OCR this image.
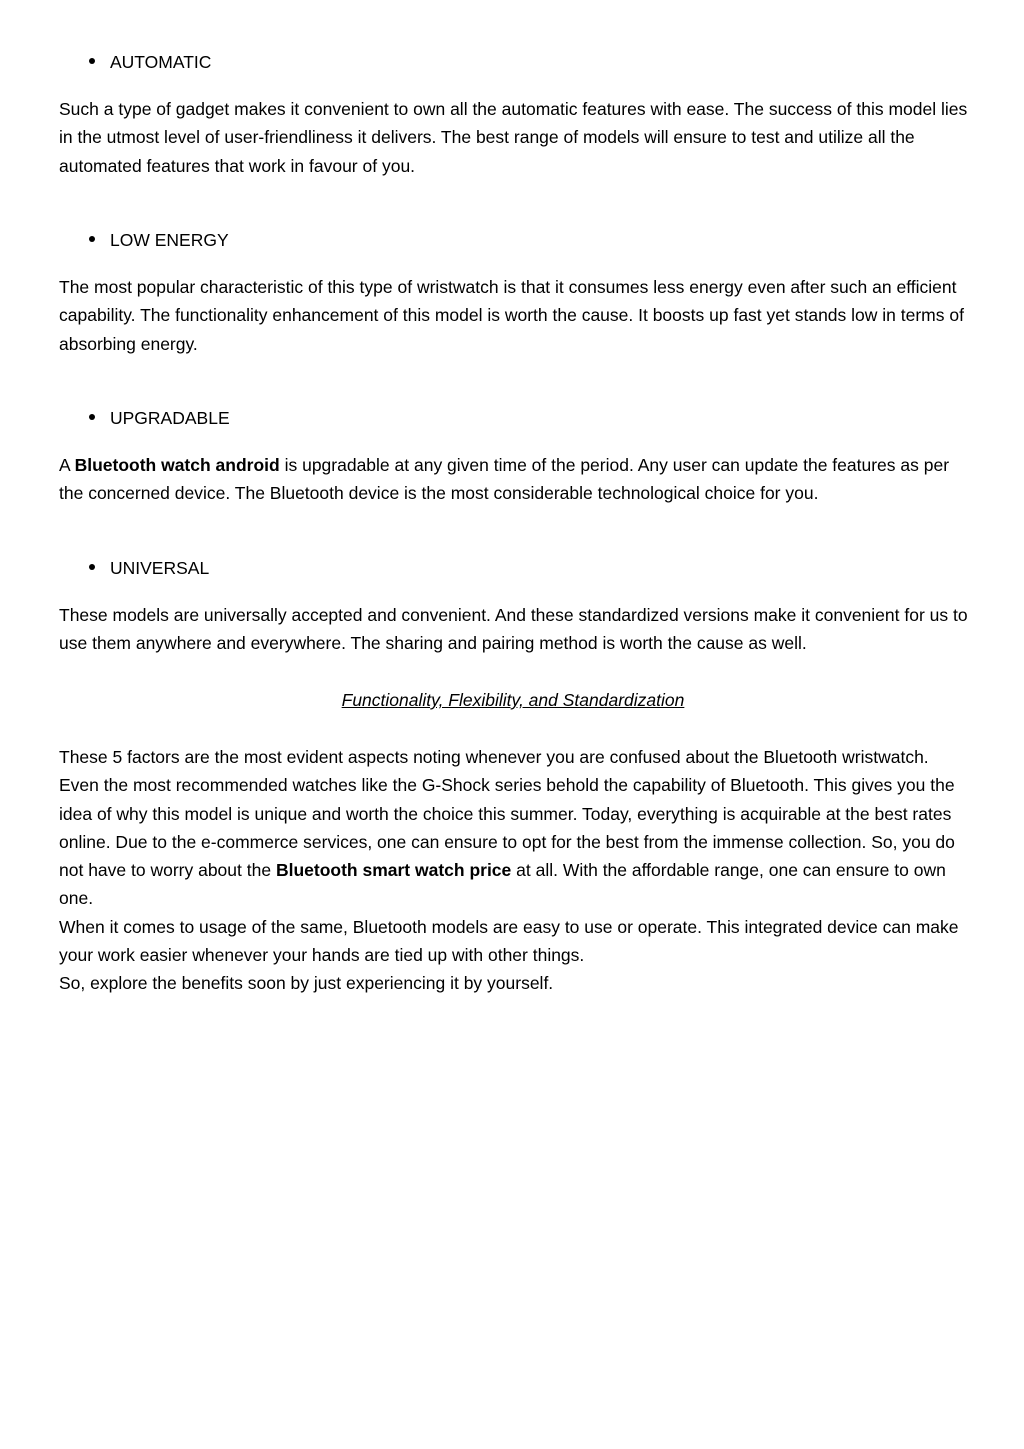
AUTOMATIC

Such a type of gadget makes it convenient to own all the automatic features with ease. The success of this model lies in the utmost level of user-friendliness it delivers. The best range of models will ensure to test and utilize all the automated features that work in favour of you.

LOW ENERGY

The most popular characteristic of this type of wristwatch is that it consumes less energy even after such an efficient capability. The functionality enhancement of this model is worth the cause. It boosts up fast yet stands low in terms of absorbing energy.

UPGRADABLE

A Bluetooth watch android is upgradable at any given time of the period. Any user can update the features as per the concerned device. The Bluetooth device is the most considerable technological choice for you.

UNIVERSAL

These models are universally accepted and convenient. And these standardized versions make it convenient for us to use them anywhere and everywhere. The sharing and pairing method is worth the cause as well.

Functionality, Flexibility, and Standardization

These 5 factors are the most evident aspects noting whenever you are confused about the Bluetooth wristwatch. Even the most recommended watches like the G-Shock series behold the capability of Bluetooth. This gives you the idea of why this model is unique and worth the choice this summer. Today, everything is acquirable at the best rates online. Due to the e-commerce services, one can ensure to opt for the best from the immense collection. So, you do not have to worry about the Bluetooth smart watch price at all. With the affordable range, one can ensure to own one.
When it comes to usage of the same, Bluetooth models are easy to use or operate. This integrated device can make your work easier whenever your hands are tied up with other things.
So, explore the benefits soon by just experiencing it by yourself.
